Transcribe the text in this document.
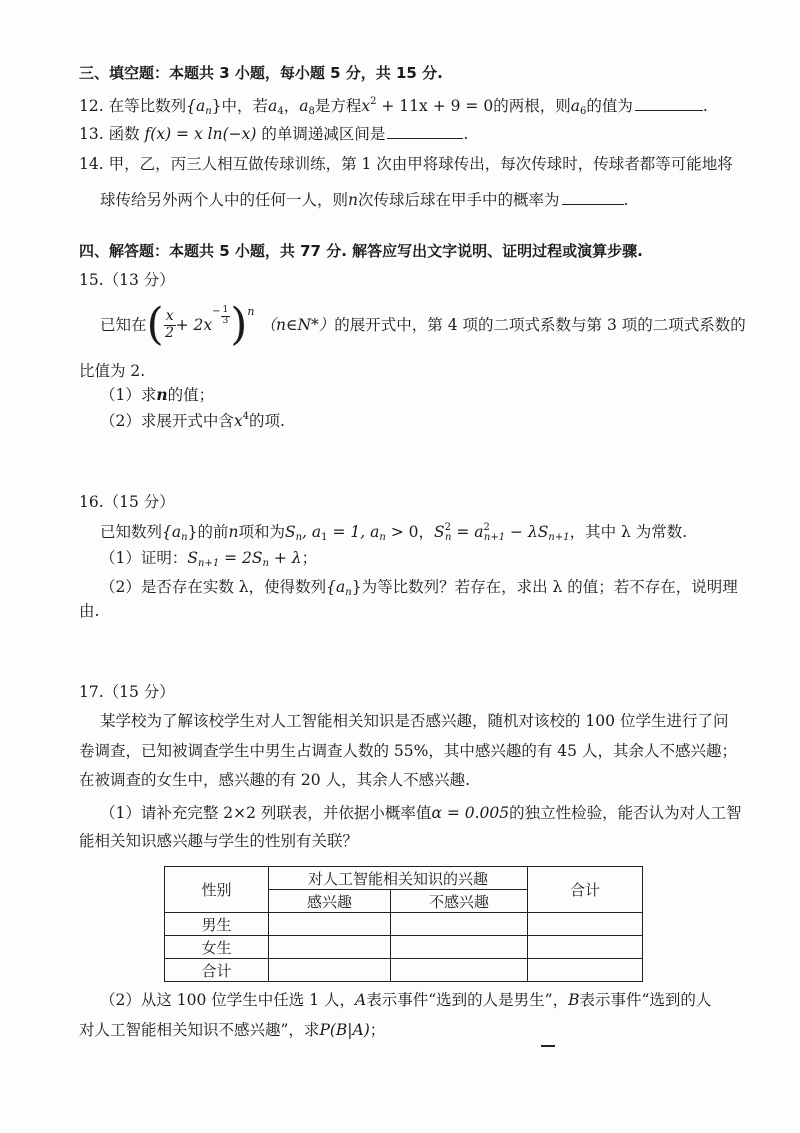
三、填空题：本题共 3 小题，每小题 5 分，共 15 分.
12. 在等比数列$\{a_n\}$中，若$a_4$，$a_8$是方程$x^2 + 11x + 9 = 0$的两根，则$a_6$的值为	.
13. 函数 f(x) = x ln(−x) 的单调递减区间是	.
14. 甲，乙，丙三人相互做传球训练，第 1 次由甲将球传出，每次传球时，传球者都等可能地将
球传给另外两个人中的任何一人，则n次传球后球在甲手中的概率为	.
四、解答题：本题共 5 小题，共 77 分. 解答应写出文字说明、证明过程或演算步骤.
15.（13 分）
已知在 ( $\frac{x}{2} + 2x$
− $\frac{1}{3}$ ) n
（n∈N*） 的展开式中，第 4 项的二项式系数与第 3 项的二项式系数的
比值为 2.
（1）求n的值；
（2）求展开式中含$x^4$的项.
16.（15 分）
已知数列$\{a_n\}$的前n项和为$S_n$, $a_1 = 1$, $a_n > 0$，$S^2_n = a^2_{n+1} - \lambda S_{n+1}$，其中 λ 为常数.
（1）证明：$S_{n+1} = 2S_n + \lambda$；
（2）是否存在实数 λ，使得数列$\{a_n\}$为等比数列？若存在，求出 λ 的值；若不存在，说明理
由.
17.（15 分）
某学校为了解该校学生对人工智能相关知识是否感兴趣，随机对该校的 100 位学生进行了问
卷调查，已知被调查学生中男生占调查人数的 55%，其中感兴趣的有 45 人，其余人不感兴趣；
在被调查的女生中，感兴趣的有 20 人，其余人不感兴趣.
（1）请补充完整 2×2 列联表，并依据小概率值α = 0.005的独立性检验，能否认为对人工智
能相关知识感兴趣与学生的性别有关联？
性别	对人工智能相关知识的兴趣		合计
	感兴趣	不感兴趣	
男生			
女生			
合计			
（2）从这 100 位学生中任选 1 人，A表示事件“选到的人是男生”，B表示事件“选到的人
对人工智能相关知识不感兴趣”，求P(B|A)；
